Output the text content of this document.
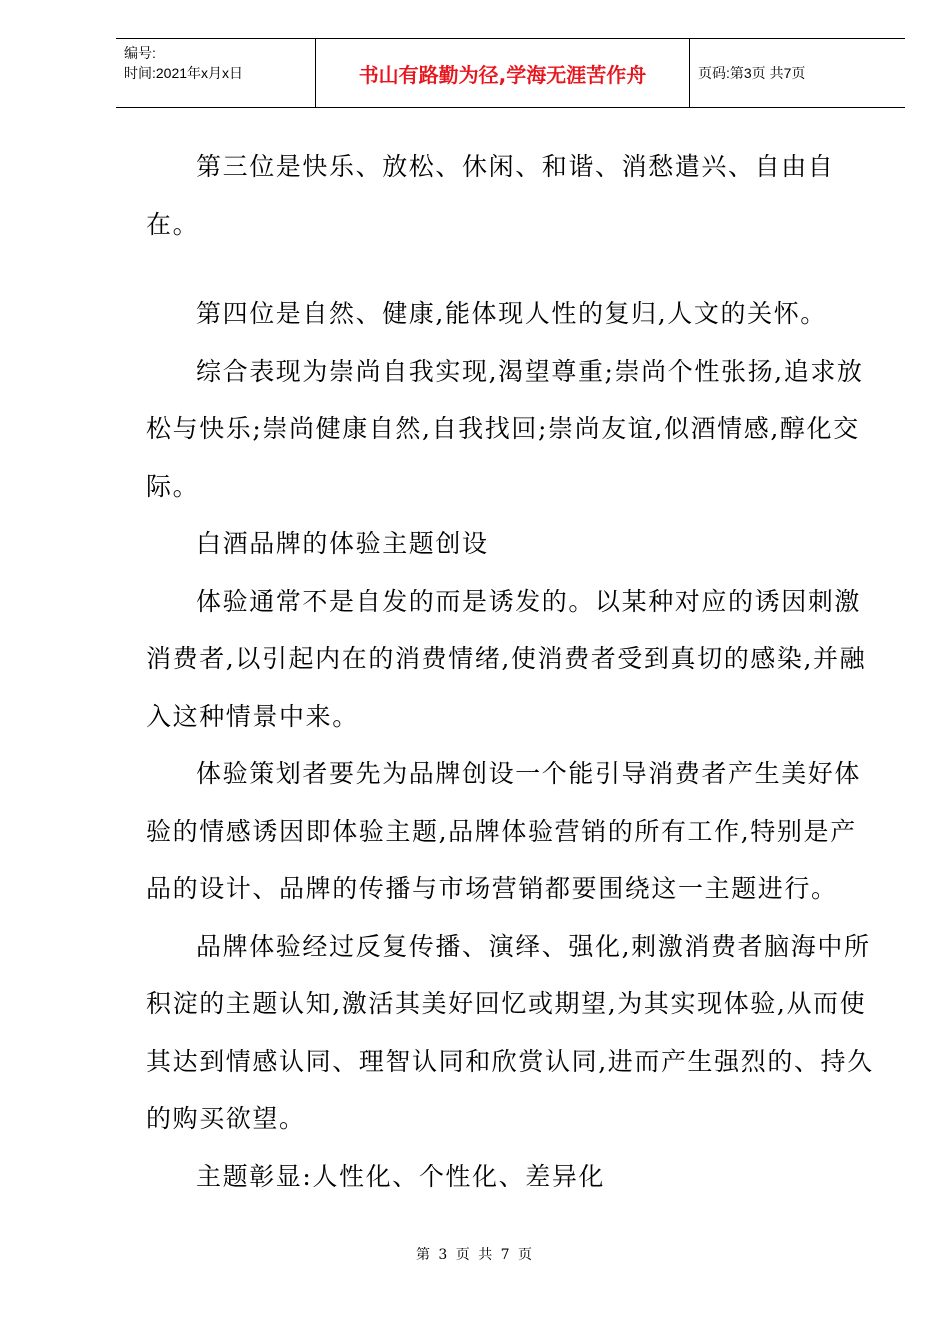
编号:
时间:2021年x月x日	书山有路勤为径,学海无涯苦作舟	页码:第3页 共7页

第三位是快乐、放松、休闲、和谐、消愁遣兴、自由自在。

第四位是自然、健康,能体现人性的复归,人文的关怀。

综合表现为崇尚自我实现,渴望尊重;崇尚个性张扬,追求放松与快乐;崇尚健康自然,自我找回;崇尚友谊,似酒情感,醇化交际。

白酒品牌的体验主题创设

体验通常不是自发的而是诱发的。以某种对应的诱因刺激消费者,以引起内在的消费情绪,使消费者受到真切的感染,并融入这种情景中来。

体验策划者要先为品牌创设一个能引导消费者产生美好体验的情感诱因即体验主题,品牌体验营销的所有工作,特别是产品的设计、品牌的传播与市场营销都要围绕这一主题进行。

品牌体验经过反复传播、演绎、强化,刺激消费者脑海中所积淀的主题认知,激活其美好回忆或期望,为其实现体验,从而使其达到情感认同、理智认同和欣赏认同,进而产生强烈的、持久的购买欲望。

主题彰显:人性化、个性化、差异化

第 3 页 共 7 页
